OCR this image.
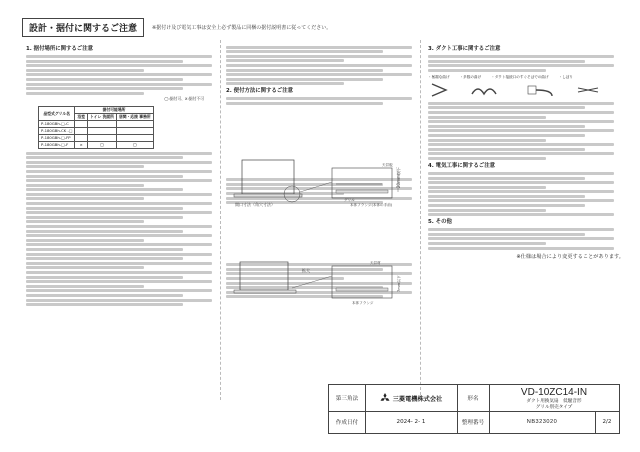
設計・据付に関するご注意	※据付け及び電気工事は安全上必ず製品に同梱の据付説明書に従ってください。
1. 据付場所に関するご注意
◯:据付可、X:据付不可
品型式グリル名	据付可能場所		
	浴室	トイレ 洗面所	居間・応接 事務所
P-180GBh-□-C			
P-180GBh-CK -□			
P-180GBh-□-FP			
P-180GBh-□-F	×	◯	◯
2. 便付方法に関するご注意
開口寸法（角穴寸法）
20mm以下
天井板
グリル
本体フランジ(本体の手前)
拡大
天井材
7mm以下
本体フランジ
3. ダクト工事に関するご注意
・極端な曲げ	・多数の曲げ	・ダクト接続口のすぐそばでの曲げ	・しぼり
4. 電気工事に関するご注意
5. その他
※仕様は場合により変更することがあります。
第三角法	三菱電機株式会社	形名
VD-10ZC14-IN
ダクト用換気扇　低騒音形
グリル別売タイプ
作成日付	2024- 2- 1	整理番号	NB323020	2/2
